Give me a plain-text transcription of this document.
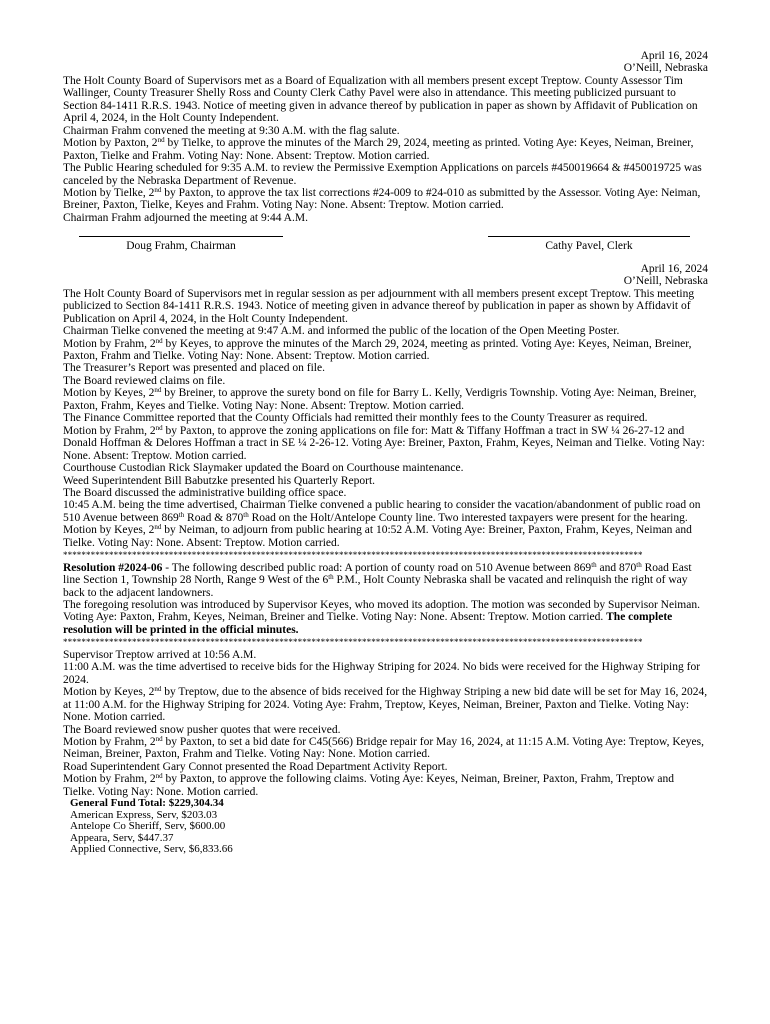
April 16, 2024
O’Neill, Nebraska

The Holt County Board of Supervisors met as a Board of Equalization with all members present except Treptow. County Assessor Tim Wallinger, County Treasurer Shelly Ross and County Clerk Cathy Pavel were also in attendance. This meeting publicized pursuant to Section 84-1411 R.R.S. 1943. Notice of meeting given in advance thereof by publication in paper as shown by Affidavit of Publication on April 4, 2024, in the Holt County Independent.

Chairman Frahm convened the meeting at 9:30 A.M. with the flag salute.

Motion by Paxton, 2nd by Tielke, to approve the minutes of the March 29, 2024, meeting as printed. Voting Aye: Keyes, Neiman, Breiner, Paxton, Tielke and Frahm. Voting Nay: None. Absent: Treptow. Motion carried.

The Public Hearing scheduled for 9:35 A.M. to review the Permissive Exemption Applications on parcels #450019664 & #450019725 was canceled by the Nebraska Department of Revenue.

Motion by Tielke, 2nd by Paxton, to approve the tax list corrections #24-009 to #24-010 as submitted by the Assessor. Voting Aye: Neiman, Breiner, Paxton, Tielke, Keyes and Frahm. Voting Nay: None. Absent: Treptow. Motion carried.

Chairman Frahm adjourned the meeting at 9:44 A.M.

Doug Frahm, Chairman	Cathy Pavel, Clerk
April 16, 2024
O’Neill, Nebraska

The Holt County Board of Supervisors met in regular session as per adjournment with all members present except Treptow. This meeting publicized to Section 84-1411 R.R.S. 1943. Notice of meeting given in advance thereof by publication in paper as shown by Affidavit of Publication on April 4, 2024, in the Holt County Independent.

Chairman Tielke convened the meeting at 9:47 A.M. and informed the public of the location of the Open Meeting Poster.

Motion by Frahm, 2nd by Keyes, to approve the minutes of the March 29, 2024, meeting as printed. Voting Aye: Keyes, Neiman, Breiner, Paxton, Frahm and Tielke. Voting Nay: None. Absent: Treptow. Motion carried.

The Treasurer’s Report was presented and placed on file.

The Board reviewed claims on file.

Motion by Keyes, 2nd by Breiner, to approve the surety bond on file for Barry L. Kelly, Verdigris Township. Voting Aye: Neiman, Breiner, Paxton, Frahm, Keyes and Tielke. Voting Nay: None. Absent: Treptow. Motion carried.

The Finance Committee reported that the County Officials had remitted their monthly fees to the County Treasurer as required.

Motion by Frahm, 2nd by Paxton, to approve the zoning applications on file for: Matt & Tiffany Hoffman a tract in SW ¼ 26-27-12 and Donald Hoffman & Delores Hoffman a tract in SE ¼ 2-26-12. Voting Aye: Breiner, Paxton, Frahm, Keyes, Neiman and Tielke. Voting Nay: None. Absent: Treptow. Motion carried.

Courthouse Custodian Rick Slaymaker updated the Board on Courthouse maintenance.

Weed Superintendent Bill Babutzke presented his Quarterly Report.

The Board discussed the administrative building office space.

10:45 A.M. being the time advertised, Chairman Tielke convened a public hearing to consider the vacation/abandonment of public road on 510 Avenue between 869th Road & 870th Road on the Holt/Antelope County line. Two interested taxpayers were present for the hearing.

Motion by Keyes, 2nd by Neiman, to adjourn from public hearing at 10:52 A.M. Voting Aye: Breiner, Paxton, Frahm, Keyes, Neiman and Tielke. Voting Nay: None. Absent: Treptow. Motion carried.

******************************************************************************************************************************

Resolution #2024-06 - The following described public road: A portion of county road on 510 Avenue between 869th and 870th Road East line Section 1, Township 28 North, Range 9 West of the 6th P.M., Holt County Nebraska shall be vacated and relinquish the right of way back to the adjacent landowners.

The foregoing resolution was introduced by Supervisor Keyes, who moved its adoption. The motion was seconded by Supervisor Neiman. Voting Aye: Paxton, Frahm, Keyes, Neiman, Breiner and Tielke. Voting Nay: None. Absent: Treptow. Motion carried. The complete resolution will be printed in the official minutes.

******************************************************************************************************************************

Supervisor Treptow arrived at 10:56 A.M.

11:00 A.M. was the time advertised to receive bids for the Highway Striping for 2024. No bids were received for the Highway Striping for 2024.

Motion by Keyes, 2nd by Treptow, due to the absence of bids received for the Highway Striping a new bid date will be set for May 16, 2024, at 11:00 A.M. for the Highway Striping for 2024. Voting Aye: Frahm, Treptow, Keyes, Neiman, Breiner, Paxton and Tielke. Voting Nay: None. Motion carried.

The Board reviewed snow pusher quotes that were received.

Motion by Frahm, 2nd by Paxton, to set a bid date for C45(566) Bridge repair for May 16, 2024, at 11:15 A.M. Voting Aye: Treptow, Keyes, Neiman, Breiner, Paxton, Frahm and Tielke. Voting Nay: None. Motion carried.

Road Superintendent Gary Connot presented the Road Department Activity Report.

Motion by Frahm, 2nd by Paxton, to approve the following claims. Voting Aye: Keyes, Neiman, Breiner, Paxton, Frahm, Treptow and Tielke. Voting Nay: None. Motion carried.

General Fund Total: $229,304.34
American Express, Serv, $203.03
Antelope Co Sheriff, Serv, $600.00
Appeara, Serv, $447.37
Applied Connective, Serv, $6,833.66
